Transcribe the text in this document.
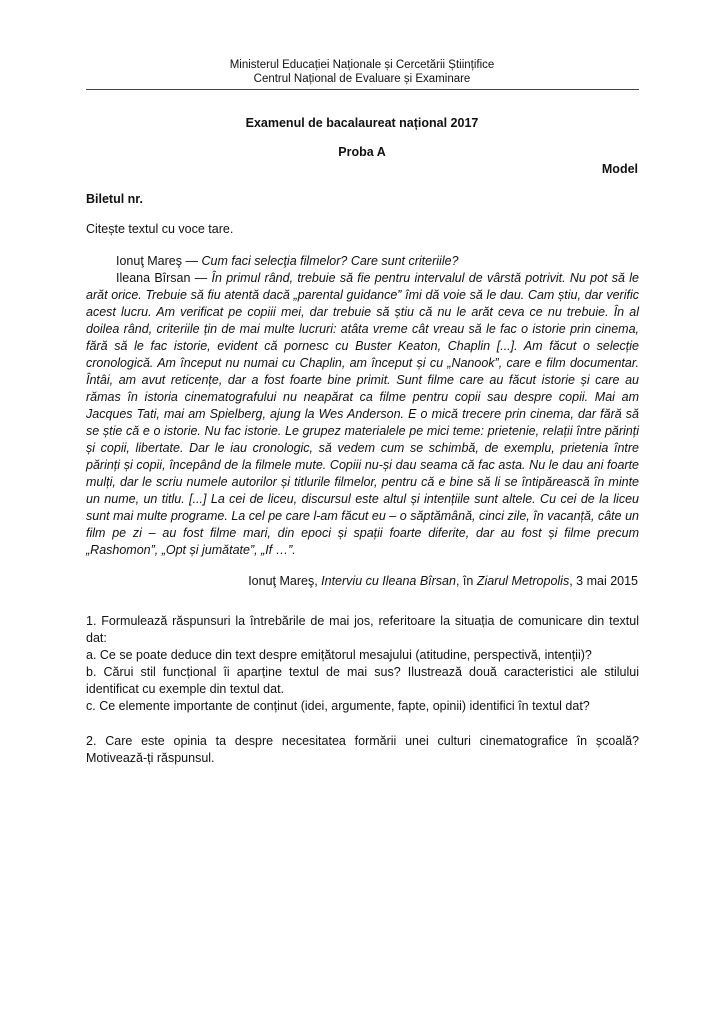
Ministerul Educației Naționale și Cercetării Științifice
Centrul Național de Evaluare și Examinare
Examenul de bacalaureat național 2017
Proba A
Model
Biletul nr.
Citește textul cu voce tare.

Ionuţ Mareş — Cum faci selecţia filmelor? Care sunt criteriile?

Ileana Bîrsan — În primul rând, trebuie să fie pentru intervalul de vârstă potrivit. Nu pot să le arăt orice. Trebuie să fiu atentă dacă „parental guidance” îmi dă voie să le dau. Cam știu, dar verific acest lucru. Am verificat pe copiii mei, dar trebuie să știu că nu le arăt ceva ce nu trebuie. În al doilea rând, criteriile țin de mai multe lucruri: atâta vreme cât vreau să le fac o istorie prin cinema, fără să le fac istorie, evident că pornesc cu Buster Keaton, Chaplin [...]. Am făcut o selecție cronologică. Am început nu numai cu Chaplin, am început și cu „Nanook”, care e film documentar. Întâi, am avut reticențe, dar a fost foarte bine primit. Sunt filme care au făcut istorie și care au rămas în istoria cinematografului nu neapărat ca filme pentru copii sau despre copii. Mai am Jacques Tati, mai am Spielberg, ajung la Wes Anderson. E o mică trecere prin cinema, dar fără să se știe că e o istorie. Nu fac istorie. Le grupez materialele pe mici teme: prietenie, relații între părinți și copii, libertate. Dar le iau cronologic, să vedem cum se schimbă, de exemplu, prietenia între părinți și copii, începând de la filmele mute. Copiii nu-și dau seama că fac asta. Nu le dau ani foarte mulți, dar le scriu numele autorilor și titlurile filmelor, pentru că e bine să li se întipărească în minte un nume, un titlu. [...] La cei de liceu, discursul este altul și intențiile sunt altele. Cu cei de la liceu sunt mai multe programe. La cel pe care l-am făcut eu – o săptămână, cinci zile, în vacanță, câte un film pe zi – au fost filme mari, din epoci și spații foarte diferite, dar au fost și filme precum „Rashomon”, „Opt și jumătate”, „If …”.

Ionuţ Mareş, Interviu cu Ileana Bîrsan, în Ziarul Metropolis, 3 mai 2015

1. Formulează răspunsuri la întrebările de mai jos, referitoare la situația de comunicare din textul dat:

a. Ce se poate deduce din text despre emițătorul mesajului (atitudine, perspectivă, intenții)?

b. Cărui stil funcțional îi aparține textul de mai sus? Ilustrează două caracteristici ale stilului identificat cu exemple din textul dat.

c. Ce elemente importante de conținut (idei, argumente, fapte, opinii) identifici în textul dat?

2. Care este opinia ta despre necesitatea formării unei culturi cinematografice în școală? Motivează-ți răspunsul.
